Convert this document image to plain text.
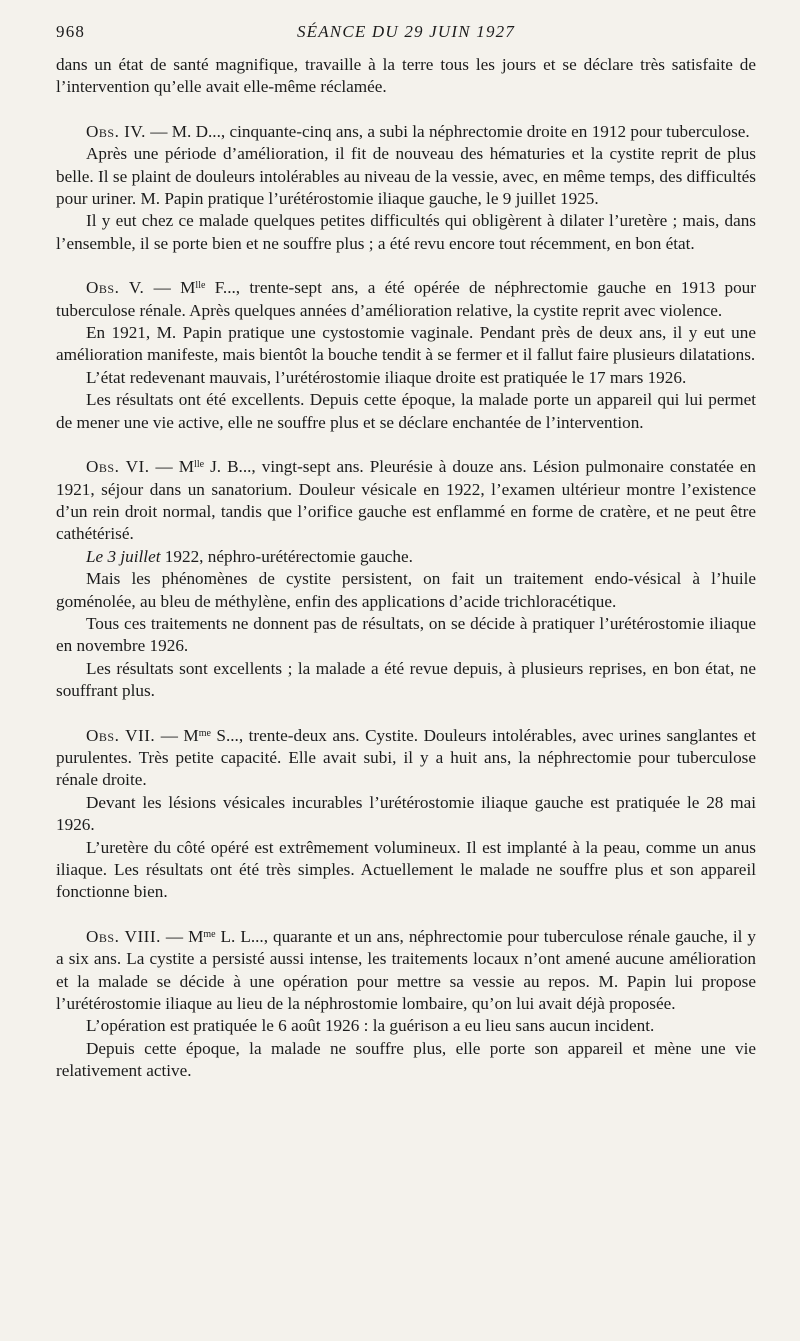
968	SÉANCE DU 29 JUIN 1927

dans un état de santé magnifique, travaille à la terre tous les jours et se déclare très satisfaite de l’intervention qu’elle avait elle-même réclamée.

Obs. IV. — M. D..., cinquante-cinq ans, a subi la néphrectomie droite en 1912 pour tuberculose.

Après une période d’amélioration, il fit de nouveau des hématuries et la cystite reprit de plus belle. Il se plaint de douleurs intolérables au niveau de la vessie, avec, en même temps, des difficultés pour uriner. M. Papin pratique l’urétérostomie iliaque gauche, le 9 juillet 1925.

Il y eut chez ce malade quelques petites difficultés qui obligèrent à dilater l’uretère ; mais, dans l’ensemble, il se porte bien et ne souffre plus ; a été revu encore tout récemment, en bon état.

Obs. V. — $M^{lle}$ F..., trente-sept ans, a été opérée de néphrectomie gauche en 1913 pour tuberculose rénale. Après quelques années d’amélioration relative, la cystite reprit avec violence.

En 1921, M. Papin pratique une cystostomie vaginale. Pendant près de deux ans, il y eut une amélioration manifeste, mais bientôt la bouche tendit à se fermer et il fallut faire plusieurs dilatations.

L’état redevenant mauvais, l’urétérostomie iliaque droite est pratiquée le 17 mars 1926.

Les résultats ont été excellents. Depuis cette époque, la malade porte un appareil qui lui permet de mener une vie active, elle ne souffre plus et se déclare enchantée de l’intervention.

Obs. VI. — $M^{lle}$ J. B..., vingt-sept ans. Pleurésie à douze ans. Lésion pulmonaire constatée en 1921, séjour dans un sanatorium. Douleur vésicale en 1922, l’examen ultérieur montre l’existence d’un rein droit normal, tandis que l’orifice gauche est enflammé en forme de cratère, et ne peut être cathétérisé.

Le 3 juillet 1922, néphro-urétérectomie gauche.

Mais les phénomènes de cystite persistent, on fait un traitement endo-vésical à l’huile goménolée, au bleu de méthylène, enfin des applications d’acide trichloracétique.

Tous ces traitements ne donnent pas de résultats, on se décide à pratiquer l’urétérostomie iliaque en novembre 1926.

Les résultats sont excellents ; la malade a été revue depuis, à plusieurs reprises, en bon état, ne souffrant plus.

Obs. VII. — $M^{me}$ S..., trente-deux ans. Cystite. Douleurs intolérables, avec urines sanglantes et purulentes. Très petite capacité. Elle avait subi, il y a huit ans, la néphrectomie pour tuberculose rénale droite.

Devant les lésions vésicales incurables l’urétérostomie iliaque gauche est pratiquée le 28 mai 1926.

L’uretère du côté opéré est extrêmement volumineux. Il est implanté à la peau, comme un anus iliaque. Les résultats ont été très simples. Actuellement le malade ne souffre plus et son appareil fonctionne bien.

Obs. VIII. — $M^{me}$ L. L..., quarante et un ans, néphrectomie pour tuberculose rénale gauche, il y a six ans. La cystite a persisté aussi intense, les traitements locaux n’ont amené aucune amélioration et la malade se décide à une opération pour mettre sa vessie au repos. M. Papin lui propose l’urétérostomie iliaque au lieu de la néphrostomie lombaire, qu’on lui avait déjà proposée.

L’opération est pratiquée le 6 août 1926 : la guérison a eu lieu sans aucun incident.

Depuis cette époque, la malade ne souffre plus, elle porte son appareil et mène une vie relativement active.
